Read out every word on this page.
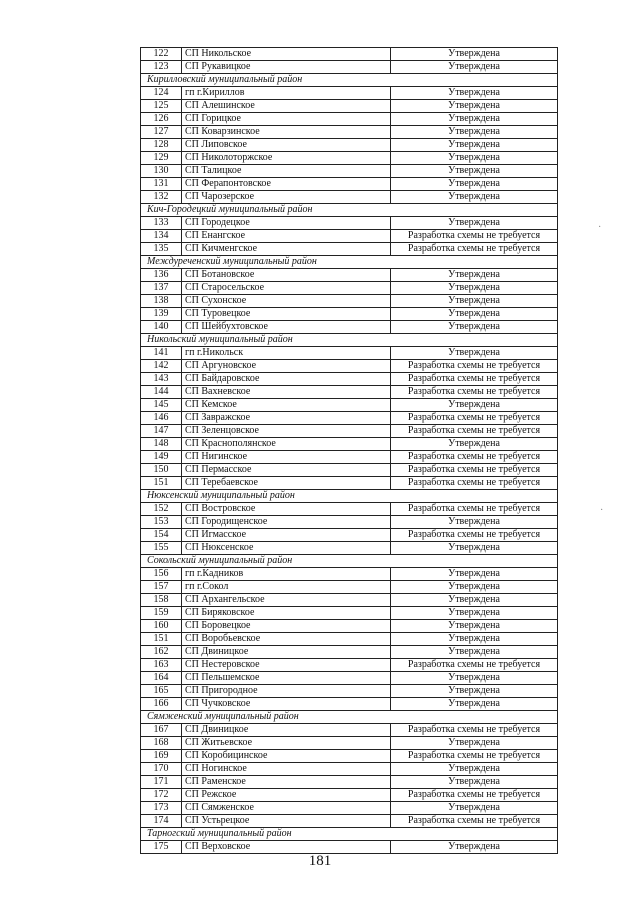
122	СП Никольское	Утверждена
123	СП Рукавицкое	Утверждена
Кирилловский муниципальный район		
124	гп г.Кириллов	Утверждена
125	СП Алешинское	Утверждена
126	СП Горицкое	Утверждена
127	СП Коварзинское	Утверждена
128	СП Липовское	Утверждена
129	СП Николоторжское	Утверждена
130	СП Талицкое	Утверждена
131	СП Ферапонтовское	Утверждена
132	СП Чарозерское	Утверждена
Кич-Городецкий муниципальный район		
133	СП Городецкое	Утверждена
134	СП Енангское	Разработка схемы не требуется
135	СП Кичменгское	Разработка схемы не требуется
Междуреченский муниципальный район		
136	СП Ботановское	Утверждена
137	СП Старосельское	Утверждена
138	СП Сухонское	Утверждена
139	СП Туровецкое	Утверждена
140	СП Шейбухтовское	Утверждена
Никольский муниципальный район		
141	гп г.Никольск	Утверждена
142	СП Аргуновское	Разработка схемы не требуется
143	СП Байдаровское	Разработка схемы не требуется
144	СП Вахневское	Разработка схемы не требуется
145	СП Кемское	Утверждена
146	СП Завражское	Разработка схемы не требуется
147	СП Зеленцовское	Разработка схемы не требуется
148	СП Краснополянское	Утверждена
149	СП Нигинское	Разработка схемы не требуется
150	СП Пермасское	Разработка схемы не требуется
151	СП Теребаевское	Разработка схемы не требуется
Нюксенский муниципальный район		
152	СП Востровское	Разработка схемы не требуется
153	СП Городищенское	Утверждена
154	СП Игмасское	Разработка схемы не требуется
155	СП Нюксенское	Утверждена
Сокольский муниципальный район		
156	гп г.Кадников	Утверждена
157	гп г.Сокол	Утверждена
158	СП Архангельское	Утверждена
159	СП Биряковское	Утверждена
160	СП Боровецкое	Утверждена
151	СП Воробьевское	Утверждена
162	СП Двиницкое	Утверждена
163	СП Нестеровское	Разработка схемы не требуется
164	СП Пельшемское	Утверждена
165	СП Пригородное	Утверждена
166	СП Чучковское	Утверждена
Сямженский муниципальный район		
167	СП Двиницкое	Разработка схемы не требуется
168	СП Житьевское	Утверждена
169	СП Коробицинское	Разработка схемы не требуется
170	СП Ногинское	Утверждена
171	СП Раменское	Утверждена
172	СП Режское	Разработка схемы не требуется
173	СП Сямженское	Утверждена
174	СП Устьрецкое	Разработка схемы не требуется
Тарногский муниципальный район		
175	СП Верховское	Утверждена
·
·
181
